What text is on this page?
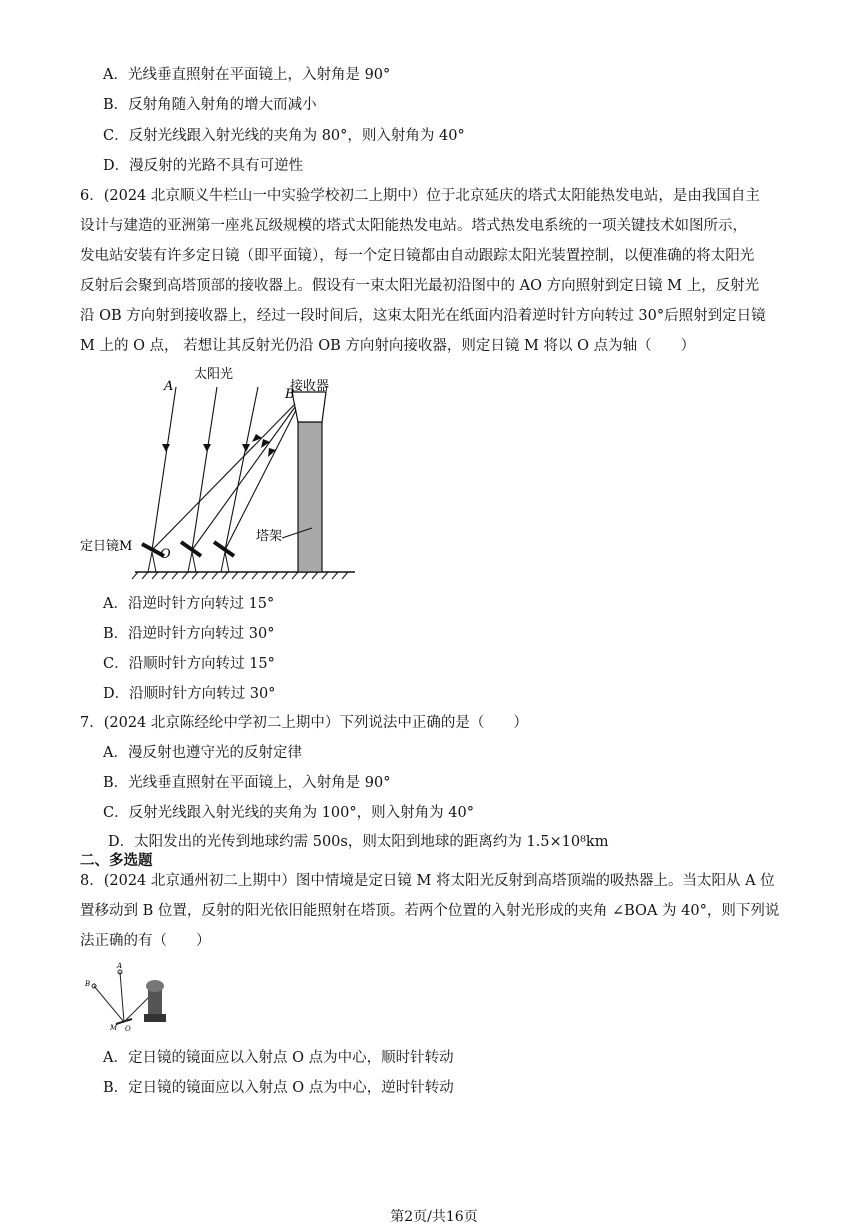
A．光线垂直照射在平面镜上，入射角是 90°
B．反射角随入射角的增大而减小
C．反射光线跟入射光线的夹角为 80°，则入射角为 40°
D．漫反射的光路不具有可逆性
6．(2024 北京顺义牛栏山一中实验学校初二上期中）位于北京延庆的塔式太阳能热发电站，是由我国自主
设计与建造的亚洲第一座兆瓦级规模的塔式太阳能热发电站。塔式热发电系统的一项关键技术如图所示，
发电站安装有许多定日镜（即平面镜），每一个定日镜都由自动跟踪太阳光装置控制，以便准确的将太阳光
反射后会聚到高塔顶部的接收器上。假设有一束太阳光最初沿图中的 AO 方向照射到定日镜 M 上，反射光
沿 OB 方向射到接收器上，经过一段时间后，这束太阳光在纸面内沿着逆时针方向转过 30°后照射到定日镜
M 上的 O 点， 若想让其反射光仍沿 OB 方向射向接收器，则定日镜 M 将以 O 点为轴（　　）
A
太阳光
接收器
B
塔架
定日镜M
O
A．沿逆时针方向转过 15°
B．沿逆时针方向转过 30°
C．沿顺时针方向转过 15°
D．沿顺时针方向转过 30°
7．(2024 北京陈经纶中学初二上期中）下列说法中正确的是（　　）
A．漫反射也遵守光的反射定律
B．光线垂直照射在平面镜上，入射角是 90°
C．反射光线跟入射光线的夹角为 100°，则入射角为 40°
D．太阳发出的光传到地球约需 500s，则太阳到地球的距离约为 1.5×10⁸km
二、多选题
8．(2024 北京通州初二上期中）图中情境是定日镜 M 将太阳光反射到高塔顶端的吸热器上。当太阳从 A 位
置移动到 B 位置，反射的阳光依旧能照射在塔顶。若两个位置的入射光形成的夹角 ∠BOA 为 40°，则下列说
法正确的有（　　）
A
B
M O
A．定日镜的镜面应以入射点 O 点为中心，顺时针转动
B．定日镜的镜面应以入射点 O 点为中心，逆时针转动
第2页/共16页
